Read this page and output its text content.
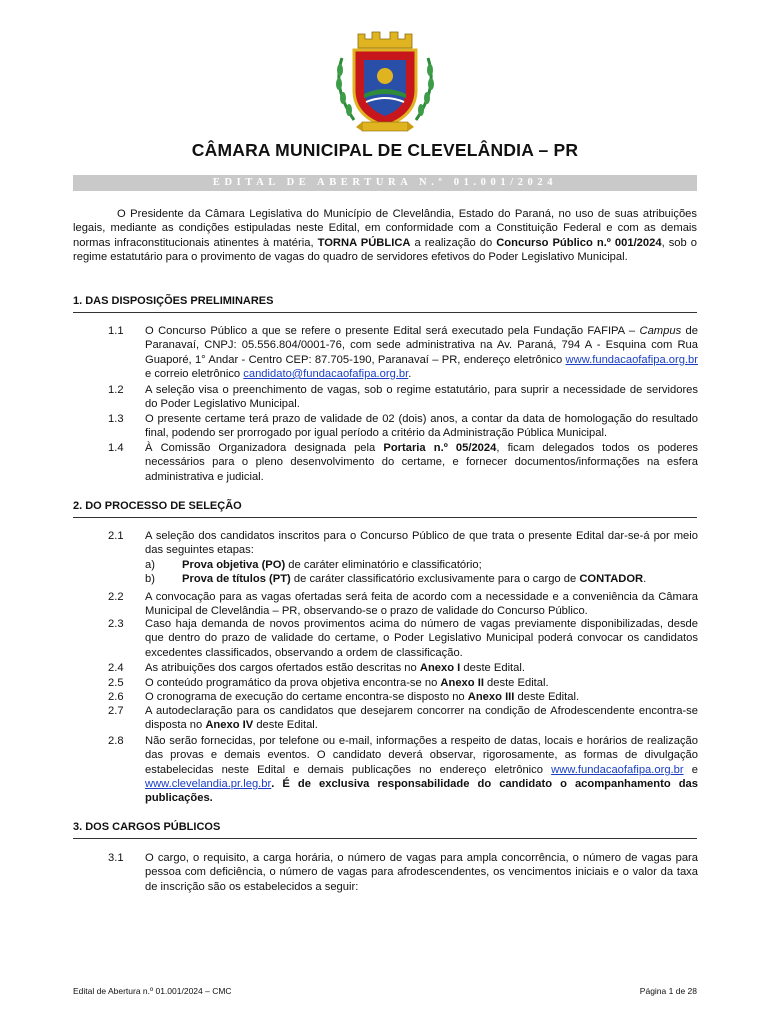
CÂMARA MUNICIPAL DE CLEVELÂNDIA – PR
EDITAL DE ABERTURA N.º 01.001/2024
O Presidente da Câmara Legislativa do Município de Clevelândia, Estado do Paraná, no uso de suas atribuições legais, mediante as condições estipuladas neste Edital, em conformidade com a Constituição Federal e com as demais normas infraconstitucionais atinentes à matéria, TORNA PÚBLICA a realização do Concurso Público n.º 001/2024, sob o regime estatutário para o provimento de vagas do quadro de servidores efetivos do Poder Legislativo Municipal.
1. DAS DISPOSIÇÕES PRELIMINARES
1.1 O Concurso Público a que se refere o presente Edital será executado pela Fundação FAFIPA – Campus de Paranavaí, CNPJ: 05.556.804/0001-76, com sede administrativa na Av. Paraná, 794 A - Esquina com Rua Guaporé, 1° Andar - Centro CEP: 87.705-190, Paranavaí – PR, endereço eletrônico www.fundacaofafipa.org.br e correio eletrônico candidato@fundacaofafipa.org.br.
1.2 A seleção visa o preenchimento de vagas, sob o regime estatutário, para suprir a necessidade de servidores do Poder Legislativo Municipal.
1.3 O presente certame terá prazo de validade de 02 (dois) anos, a contar da data de homologação do resultado final, podendo ser prorrogado por igual período a critério da Administração Pública Municipal.
1.4 À Comissão Organizadora designada pela Portaria n.º 05/2024, ficam delegados todos os poderes necessários para o pleno desenvolvimento do certame, e fornecer documentos/informações na esfera administrativa e judicial.
2. DO PROCESSO DE SELEÇÃO
2.1 A seleção dos candidatos inscritos para o Concurso Público de que trata o presente Edital dar-se-á por meio das seguintes etapas:
a) Prova objetiva (PO) de caráter eliminatório e classificatório;
b) Prova de títulos (PT) de caráter classificatório exclusivamente para o cargo de CONTADOR.
2.2 A convocação para as vagas ofertadas será feita de acordo com a necessidade e a conveniência da Câmara Municipal de Clevelândia – PR, observando-se o prazo de validade do Concurso Público.
2.3 Caso haja demanda de novos provimentos acima do número de vagas previamente disponibilizadas, desde que dentro do prazo de validade do certame, o Poder Legislativo Municipal poderá convocar os candidatos excedentes classificados, observando a ordem de classificação.
2.4 As atribuições dos cargos ofertados estão descritas no Anexo I deste Edital.
2.5 O conteúdo programático da prova objetiva encontra-se no Anexo II deste Edital.
2.6 O cronograma de execução do certame encontra-se disposto no Anexo III deste Edital.
2.7 A autodeclaração para os candidatos que desejarem concorrer na condição de Afrodescendente encontra-se disposta no Anexo IV deste Edital.
2.8 Não serão fornecidas, por telefone ou e-mail, informações a respeito de datas, locais e horários de realização das provas e demais eventos. O candidato deverá observar, rigorosamente, as formas de divulgação estabelecidas neste Edital e demais publicações no endereço eletrônico www.fundacaofafipa.org.br e www.clevelandia.pr.leg.br. É de exclusiva responsabilidade do candidato o acompanhamento das publicações.
3. DOS CARGOS PÚBLICOS
3.1 O cargo, o requisito, a carga horária, o número de vagas para ampla concorrência, o número de vagas para pessoa com deficiência, o número de vagas para afrodescendentes, os vencimentos iniciais e o valor da taxa de inscrição são os estabelecidos a seguir:
Edital de Abertura n.º 01.001/2024 – CMC	Página 1 de 28
